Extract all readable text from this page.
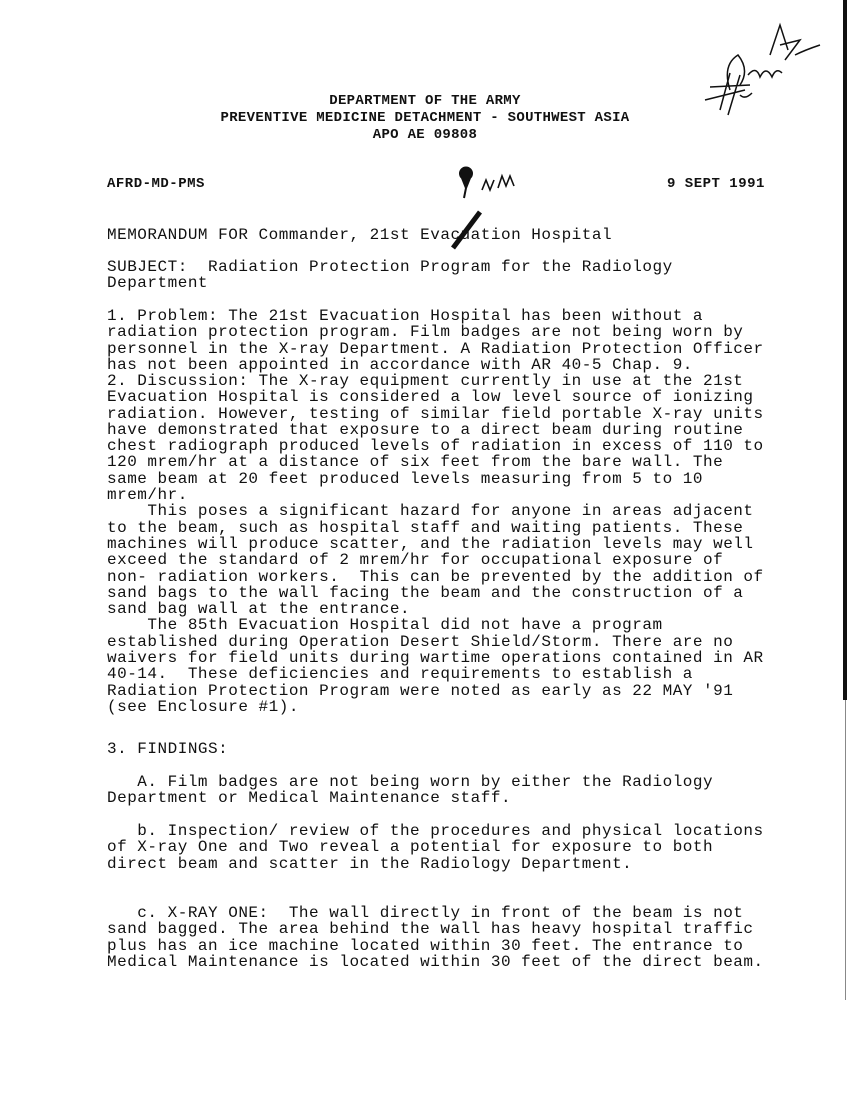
DEPARTMENT OF THE ARMY
PREVENTIVE MEDICINE DETACHMENT - SOUTHWEST ASIA
APO AE 09808
AFRD-MD-PMS	9 SEPT 1991
MEMORANDUM FOR Commander, 21st Evacuation Hospital
SUBJECT:  Radiation Protection Program for the Radiology
Department
1. Problem: The 21st Evacuation Hospital has been without a
radiation protection program. Film badges are not being worn by
personnel in the X-ray Department. A Radiation Protection Officer
has not been appointed in accordance with AR 40-5 Chap. 9.
2. Discussion: The X-ray equipment currently in use at the 21st
Evacuation Hospital is considered a low level source of ionizing
radiation. However, testing of similar field portable X-ray units
have demonstrated that exposure to a direct beam during routine
chest radiograph produced levels of radiation in excess of 110 to
120 mrem/hr at a distance of six feet from the bare wall. The
same beam at 20 feet produced levels measuring from 5 to 10
mrem/hr.
This poses a significant hazard for anyone in areas adjacent
to the beam, such as hospital staff and waiting patients. These
machines will produce scatter, and the radiation levels may well
exceed the standard of 2 mrem/hr for occupational exposure of
non- radiation workers.  This can be prevented by the addition of
sand bags to the wall facing the beam and the construction of a
sand bag wall at the entrance.
The 85th Evacuation Hospital did not have a program
established during Operation Desert Shield/Storm. There are no
waivers for field units during wartime operations contained in AR
40-14.  These deficiencies and requirements to establish a
Radiation Protection Program were noted as early as 22 MAY '91
(see Enclosure #1).
3. FINDINGS:
A. Film badges are not being worn by either the Radiology
Department or Medical Maintenance staff.
b. Inspection/ review of the procedures and physical locations
of X-ray One and Two reveal a potential for exposure to both
direct beam and scatter in the Radiology Department.
c. X-RAY ONE:  The wall directly in front of the beam is not
sand bagged. The area behind the wall has heavy hospital traffic
plus has an ice machine located within 30 feet. The entrance to
Medical Maintenance is located within 30 feet of the direct beam.
